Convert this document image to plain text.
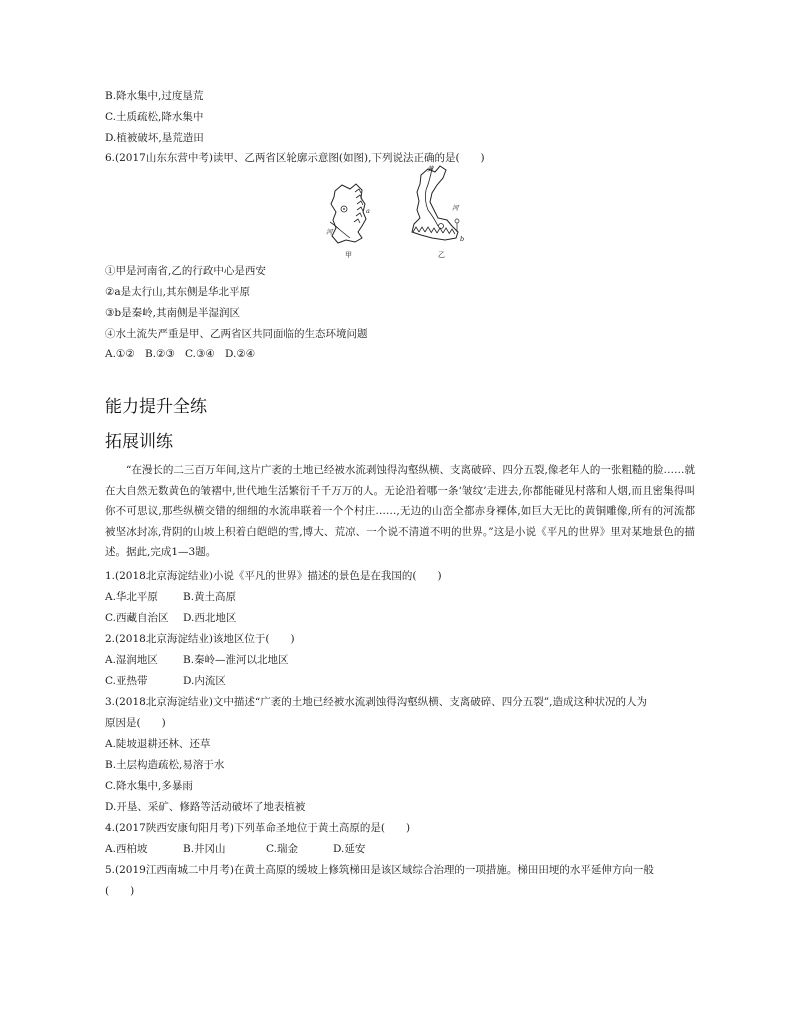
B.降水集中,过度垦荒
C.土质疏松,降水集中
D.植被破坏,垦荒造田
6.(2017山东东营中考)读甲、乙两省区轮廓示意图(如图),下列说法正确的是(　　)
a
河
黄
河
b
甲	乙
①甲是河南省,乙的行政中心是西安
②a是太行山,其东侧是华北平原
③b是秦岭,其南侧是半湿润区
④水土流失严重是甲、乙两省区共同面临的生态环境问题
A.①② B.②③ C.③④ D.②④
能力提升全练
拓展训练
“在漫长的二三百万年间,这片广袤的土地已经被水流剥蚀得沟壑纵横、支离破碎、四分五裂,像老年人的一张粗糙的脸……就在大自然无数黄色的皱褶中,世代地生活繁衍千千万万的人。无论沿着哪一条‘皱纹’走进去,你都能碰见村落和人烟,而且密集得叫你不可思议,那些纵横交错的细细的水流串联着一个个村庄……,无边的山峦全都赤身裸体,如巨大无比的黄铜雕像,所有的河流都被坚冰封冻,背阴的山坡上积着白皑皑的雪,博大、荒凉、一个说不清道不明的世界。”这是小说《平凡的世界》里对某地景色的描述。据此,完成1—3题。
1.(2018北京海淀结业)小说《平凡的世界》描述的景色是在我国的(　　)
A.华北平原 B.黄土高原
C.西藏自治区 D.西北地区
2.(2018北京海淀结业)该地区位于(　　)
A.湿润地区 B.秦岭—淮河以北地区
C.亚热带	D.内流区
3.(2018北京海淀结业)文中描述“广袤的土地已经被水流剥蚀得沟壑纵横、支离破碎、四分五裂”,造成这种状况的人为
原因是(　　)
A.陡坡退耕还林、还草
B.土层构造疏松,易溶于水
C.降水集中,多暴雨
D.开垦、采矿、修路等活动破坏了地表植被
4.(2017陕西安康旬阳月考)下列革命圣地位于黄土高原的是(　　)
A.西柏坡	B.井冈山	C.瑞金	D.延安
5.(2019江西南城二中月考)在黄土高原的缓坡上修筑梯田是该区域综合治理的一项措施。梯田田埂的水平延伸方向一般
(　　)
